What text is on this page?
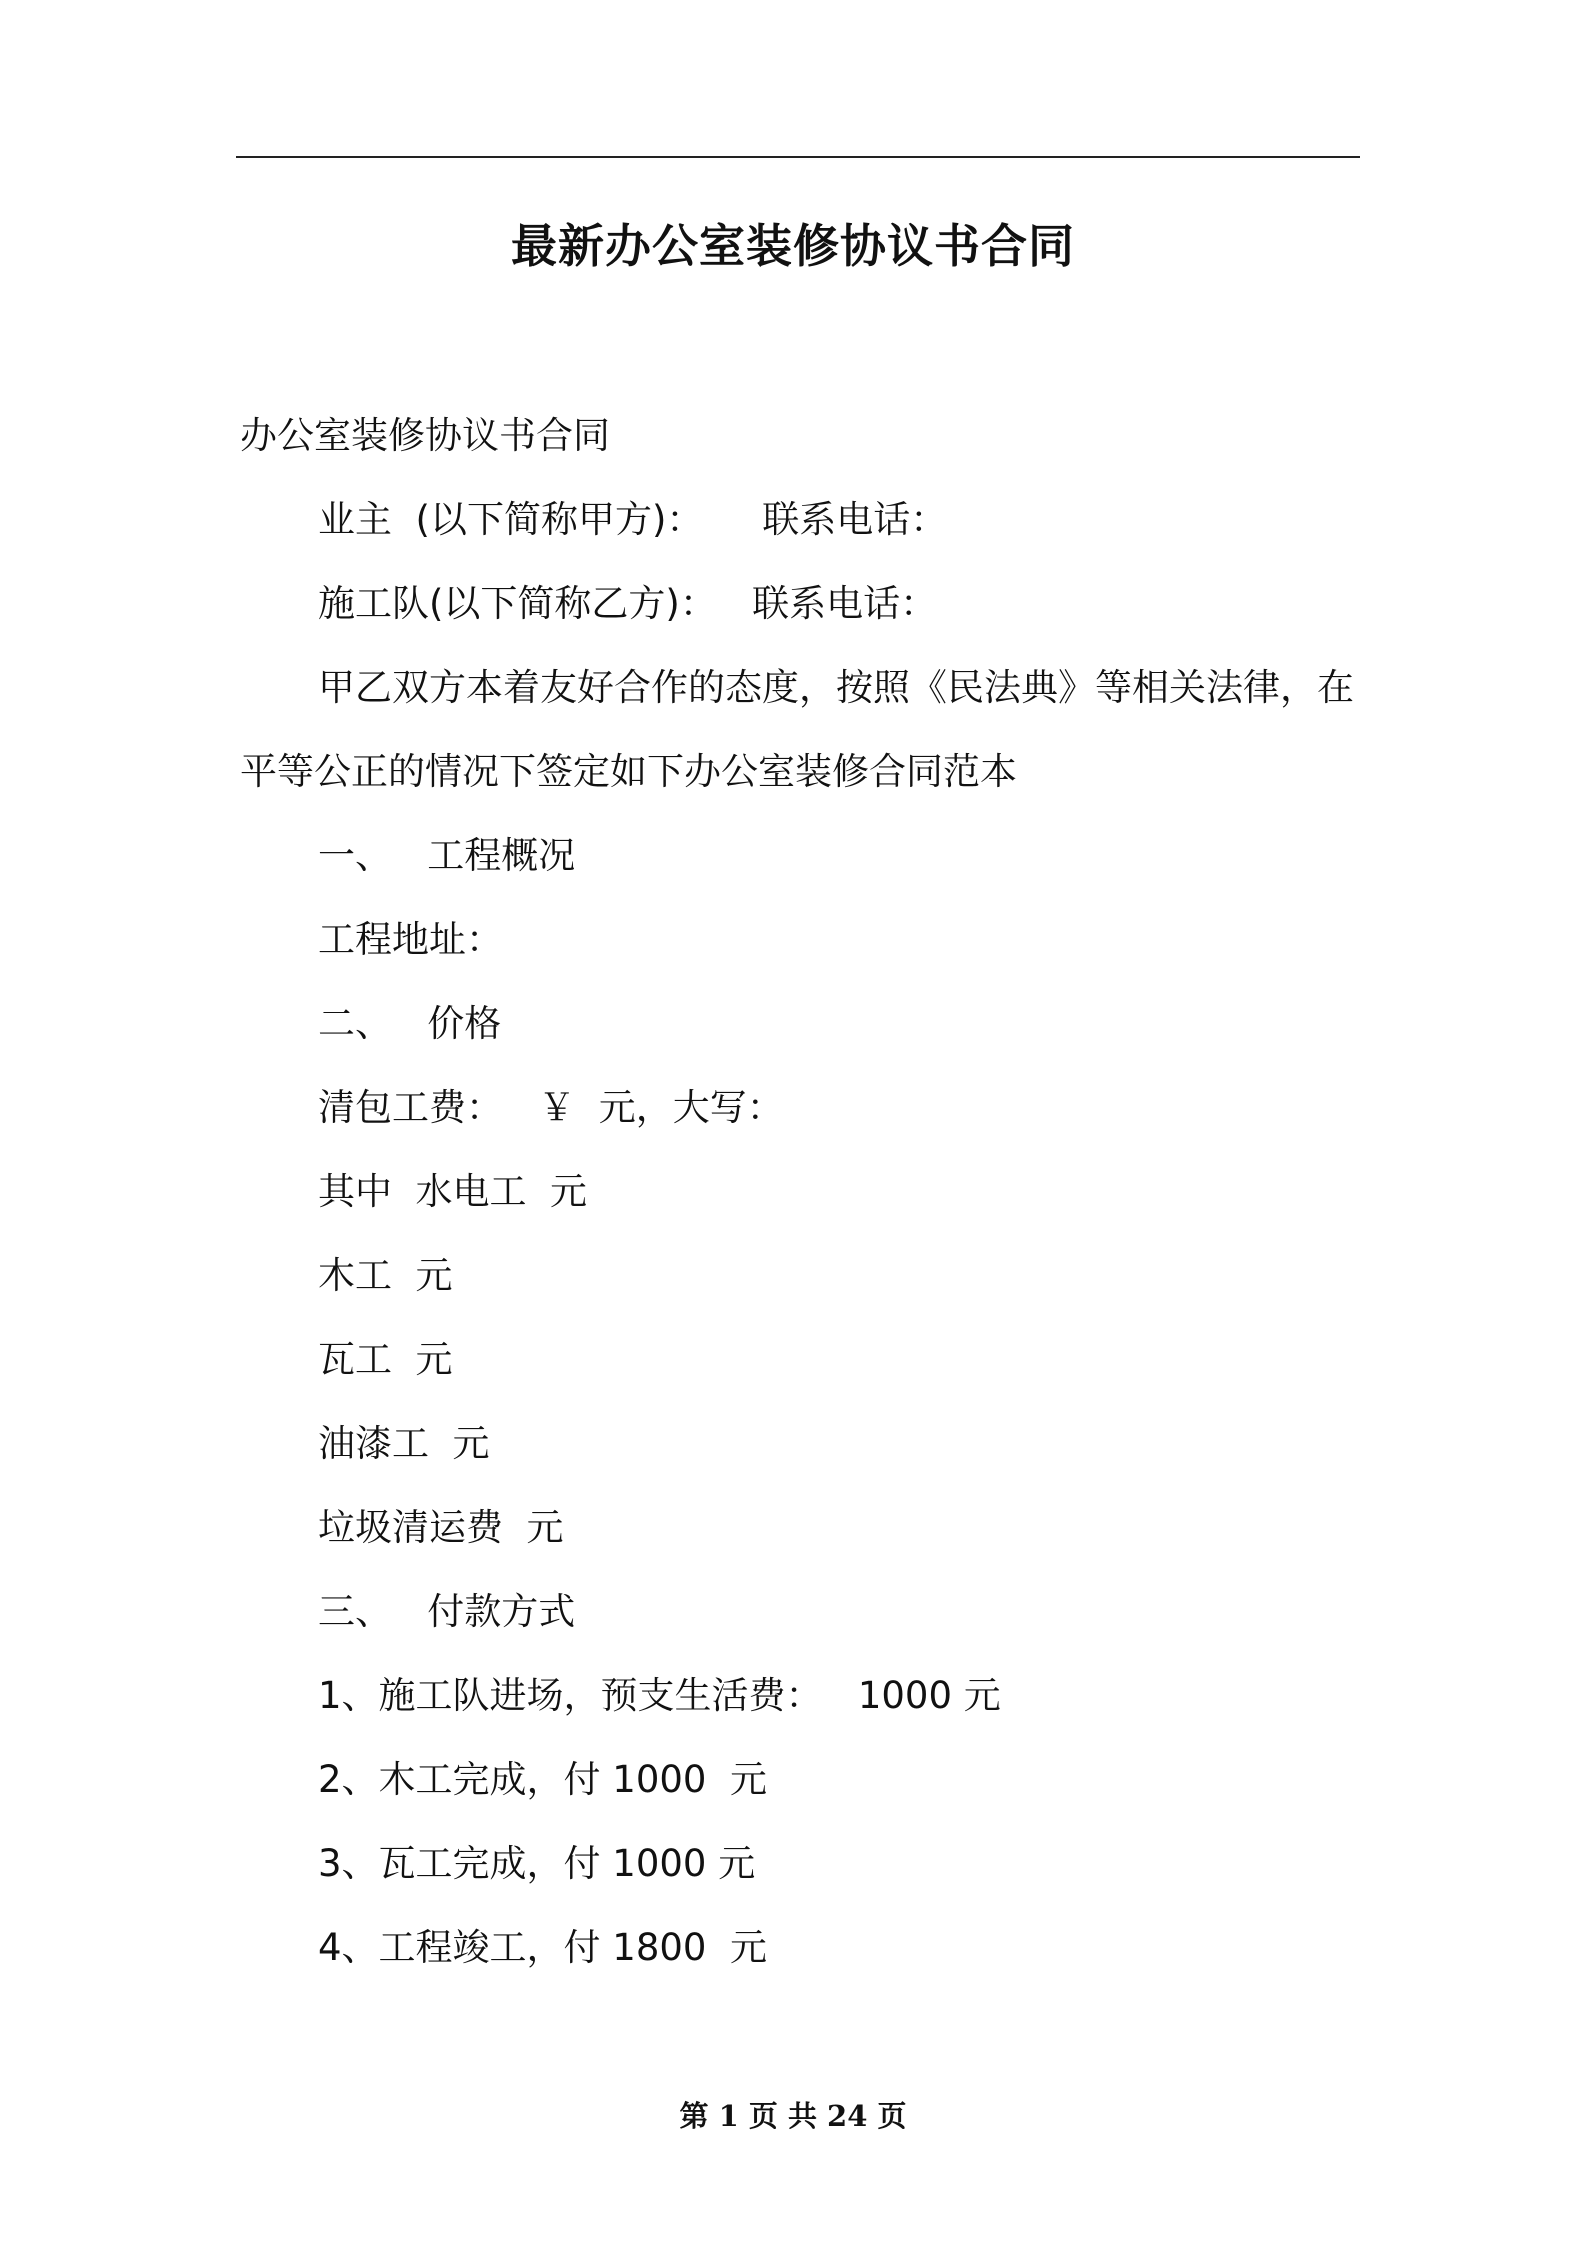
最新办公室装修协议书合同
办公室装修协议书合同
业主  (以下简称甲方)：     联系电话：
施工队(以下简称乙方)：   联系电话：
甲乙双方本着友好合作的态度，按照《民法典》等相关法律，在
平等公正的情况下签定如下办公室装修合同范本
一、   工程概况
工程地址：
二、   价格
清包工费：   ￥  元，大写：
其中  水电工  元
木工  元
瓦工  元
油漆工  元
垃圾清运费  元
三、   付款方式
1、施工队进场，预支生活费：   1000 元
2、木工完成，付 1000  元
3、瓦工完成，付 1000 元
4、工程竣工，付 1800  元
第 1 页 共 24 页
